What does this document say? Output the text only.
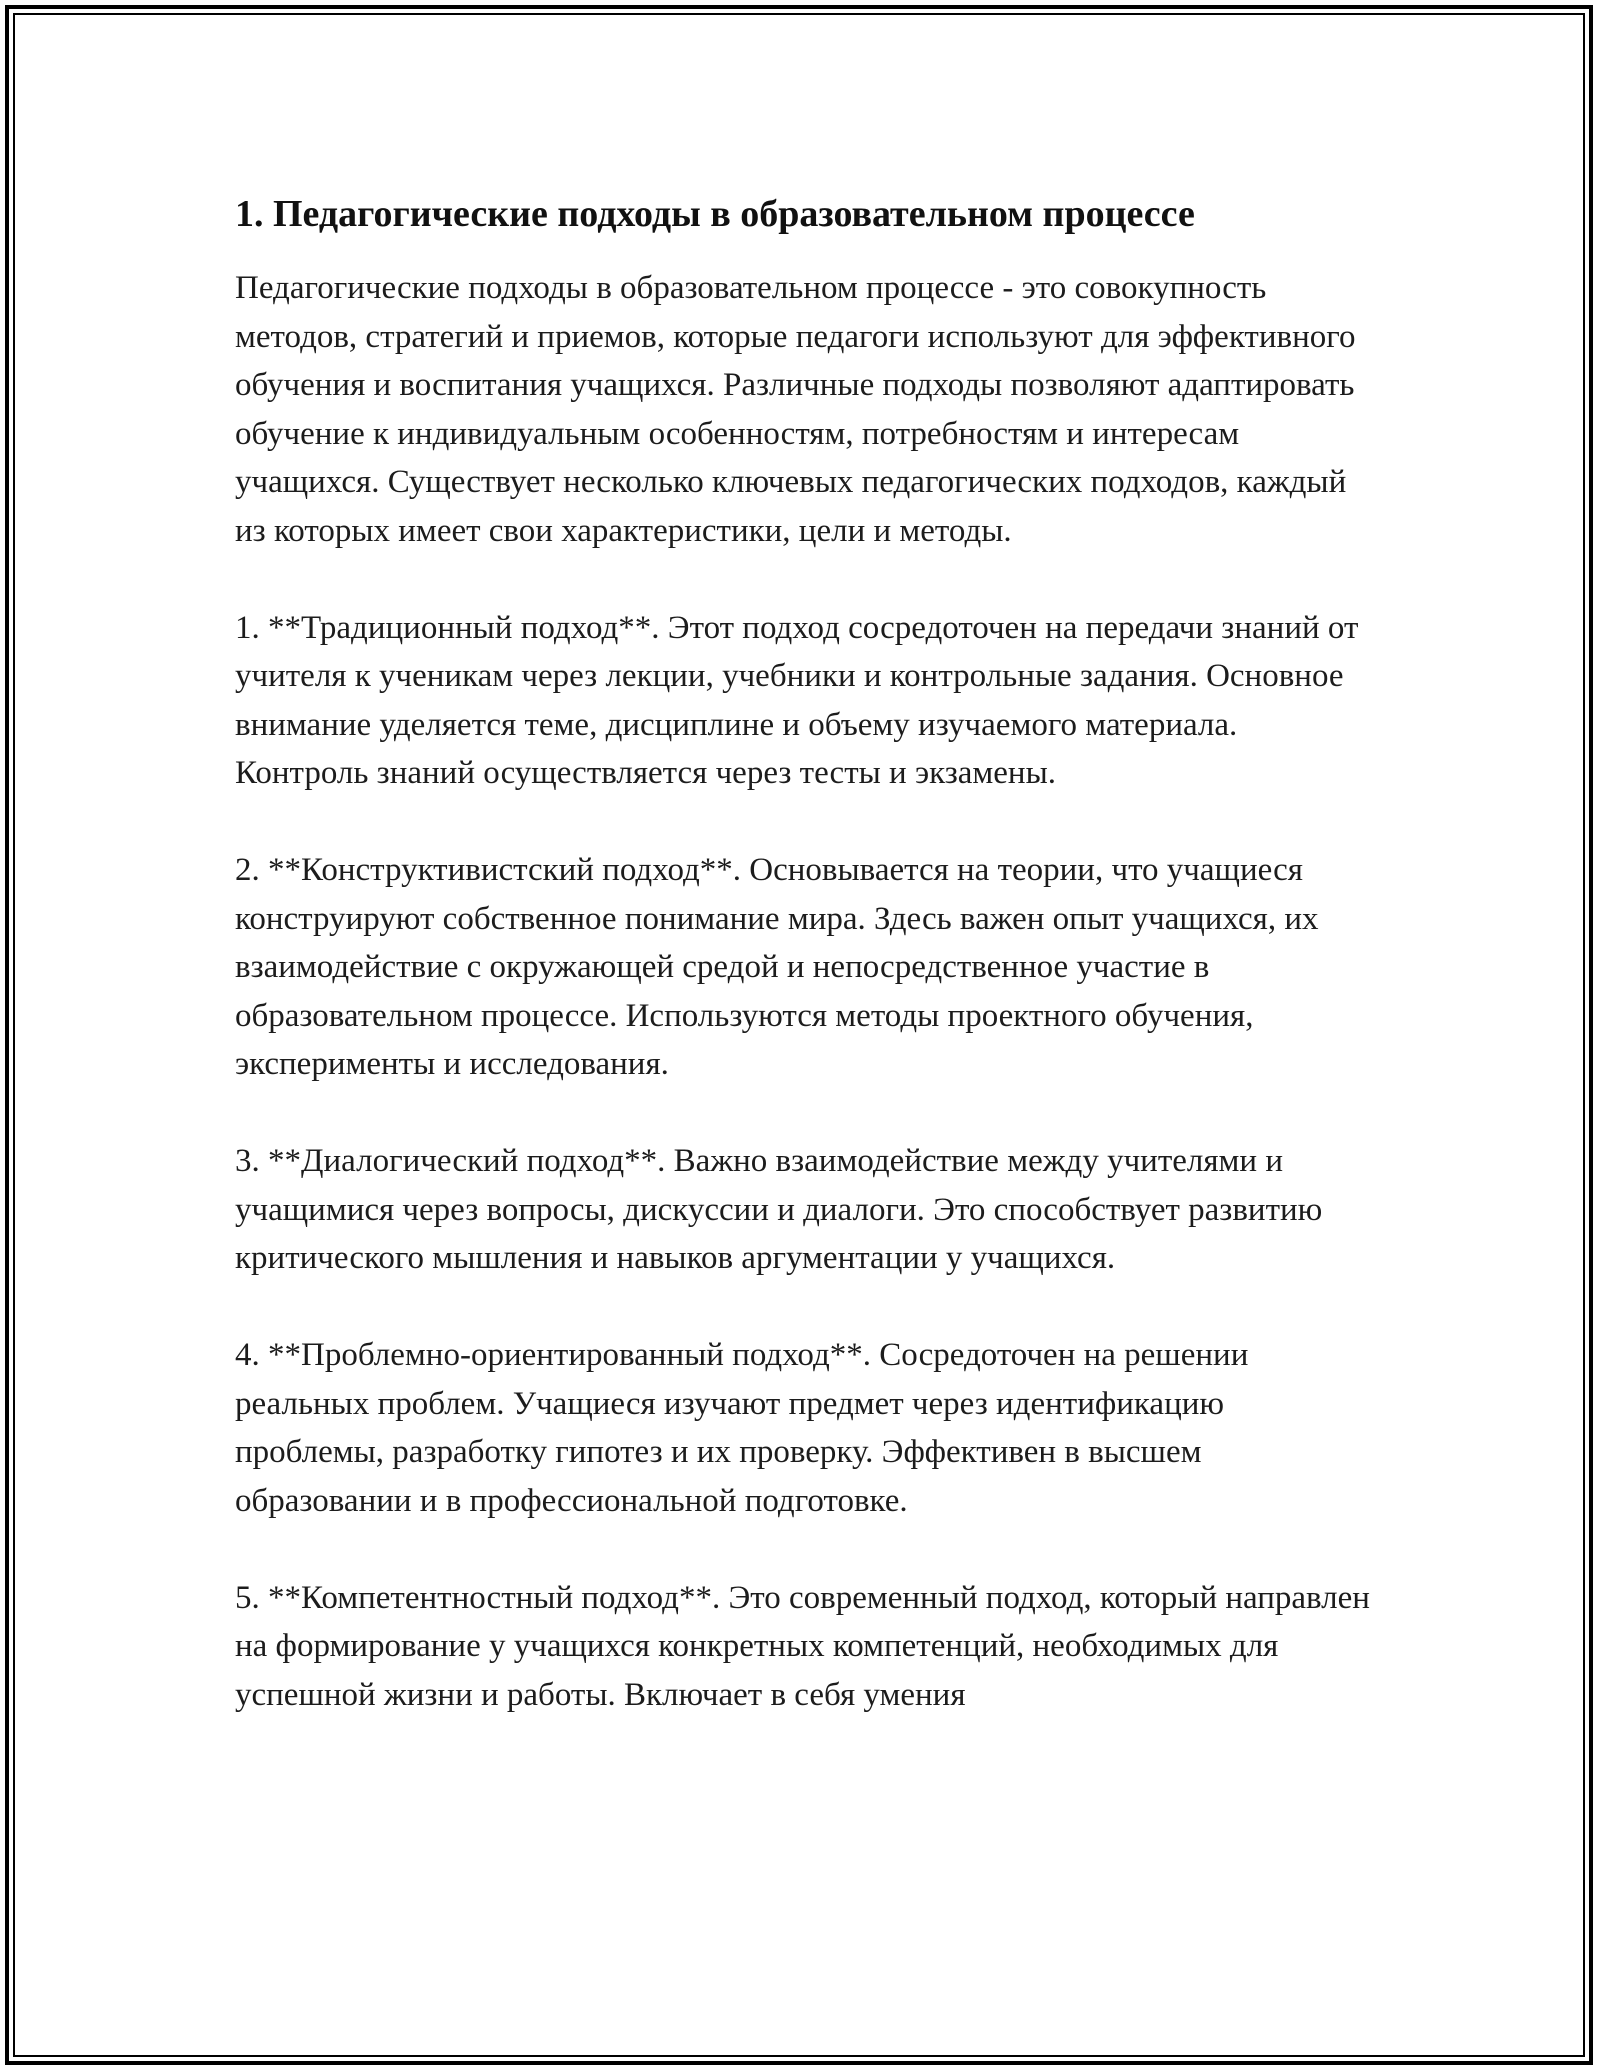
1. Педагогические подходы в образовательном процессе

Педагогические подходы в образовательном процессе - это совокупность методов, стратегий и приемов, которые педагоги используют для эффективного обучения и воспитания учащихся. Различные подходы позволяют адаптировать обучение к индивидуальным особенностям, потребностям и интересам учащихся. Существует несколько ключевых педагогических подходов, каждый из которых имеет свои характеристики, цели и методы.

1. **Традиционный подход**. Этот подход сосредоточен на передачи знаний от учителя к ученикам через лекции, учебники и контрольные задания. Основное внимание уделяется теме, дисциплине и объему изучаемого материала. Контроль знаний осуществляется через тесты и экзамены.

2. **Конструктивистский подход**. Основывается на теории, что учащиеся конструируют собственное понимание мира. Здесь важен опыт учащихся, их взаимодействие с окружающей средой и непосредственное участие в образовательном процессе. Используются методы проектного обучения, эксперименты и исследования.

3. **Диалогический подход**. Важно взаимодействие между учителями и учащимися через вопросы, дискуссии и диалоги. Это способствует развитию критического мышления и навыков аргументации у учащихся.

4. **Проблемно-ориентированный подход**. Сосредоточен на решении реальных проблем. Учащиеся изучают предмет через идентификацию проблемы, разработку гипотез и их проверку. Эффективен в высшем образовании и в профессиональной подготовке.

5. **Компетентностный подход**. Это современный подход, который направлен на формирование у учащихся конкретных компетенций, необходимых для успешной жизни и работы. Включает в себя умения
